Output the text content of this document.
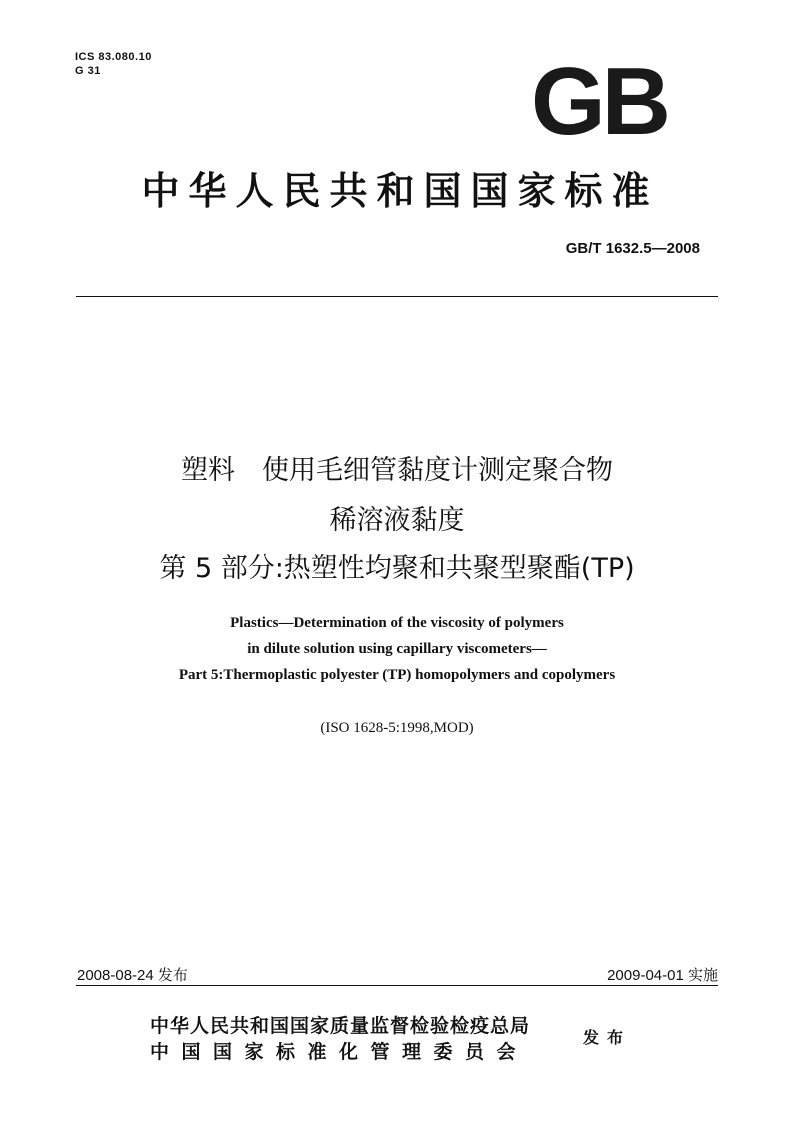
ICS 83.080.10
G 31	GB
中华人民共和国国家标准
GB/T 1632.5—2008
塑料　使用毛细管黏度计测定聚合物
稀溶液黏度
第 5 部分:热塑性均聚和共聚型聚酯(TP)
Plastics—Determination of the viscosity of polymers
in dilute solution using capillary viscometers—
Part 5:Thermoplastic polyester (TP) homopolymers and copolymers
(ISO 1628-5:1998,MOD)
2008-08-24 发布	2009-04-01 实施
中华人民共和国国家质量监督检验检疫总局
中国国家标准化管理委员会
发布
